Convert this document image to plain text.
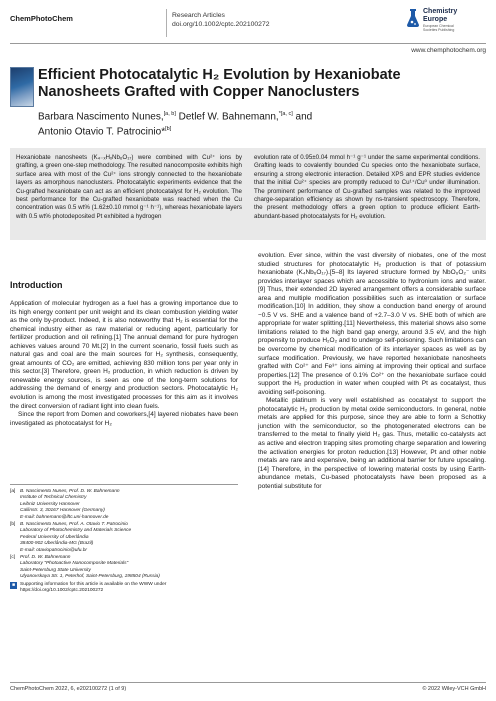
ChemPhotoChem	Research Articles
doi.org/10.1002/cptc.202100272
Chemistry
Europe
European Chemical
Societies Publishing
www.chemphotochem.org
Efficient Photocatalytic H₂ Evolution by Hexaniobate Nanosheets Grafted with Copper Nanoclusters
Barbara Nascimento Nunes,[a, b] Detlef W. Bahnemann,$^{*[a, c]}$ and
Antonio Otavio T. Patrocinio*[b]

Hexaniobate nanosheets (K₄₋ₓHₓNb₆O₁₇) were combined with Cu²⁺ ions by grafting, a green one-step methodology. The resulted nanocomposite exhibits high surface area with most of the Cu²⁺ ions strongly connected to the hexaniobate layers as amorphous nanoclusters. Photocatalytic experiments evidence that the Cu-grafted hexaniobate can act as an efficient photocatalyst for H₂ evolution. The best performance for the Cu-grafted hexaniobate was reached when the Cu concentration was 0.5 wt% (1.62±0.10 mmol g⁻¹ h⁻¹), whereas hexaniobate layers with 0.5 wt% photodeposited Pt exhibited a hydrogen

evolution rate of 0.95±0.04 mmol h⁻¹ g⁻¹ under the same experimental conditions. Grafting leads to covalently bounded Cu species onto the hexaniobate surface, ensuring a strong electronic interaction. Detailed XPS and EPR studies evidence that the initial Cu²⁺ species are promptly reduced to Cu¹⁺/Cu⁰ under illumination. The prominent performance of Cu-grafted samples was related to the improved charge-separation efficiency as shown by ns-transient spectroscopy. Therefore, the present methodology offers a green option to produce efficient Earth-abundant-based photocatalysts for H₂ evolution.

Introduction

Application of molecular hydrogen as a fuel has a growing importance due to its high energy content per unit weight and its clean combustion yielding water as the only by-product. Indeed, it is also noteworthy that H₂ is essential for the chemical industry either as raw material or reducing agent, particularly for fertilizer production and oil refining.[1] The annual demand for pure hydrogen achieves values around 70 Mt.[2] In the current scenario, fossil fuels such as natural gas and coal are the main sources for H₂ synthesis, consequently, great amounts of CO₂ are emitted, achieving 830 million tons per year only in this sector.[3] Therefore, green H₂ production, in which reduction is driven by renewable energy sources, is seen as one of the long-term solutions for addressing the demand of energy and production sectors. Photocatalytic H₂ evolution is among the most investigated processes for this aim as it involves the direct conversion of radiant light into clean fuels.

Since the report from Domen and coworkers,[4] layered niobates have been investigated as photocatalyst for H₂

evolution. Ever since, within the vast diversity of niobates, one of the most studied structures for photocatalytic H₂ production is that of potassium hexaniobate (K₄Nb₆O₁₇).[5–8] Its layered structure formed by NbO₆O₂⁻ units provides interlayer spaces which are accessible to hydronium ions and water.[9] Thus, their extended 2D layered arrangement offers a considerable surface area and multiple modification possibilities such as intercalation or surface modification.[10] In addition, they show a conduction band energy of around −0.5 V vs. SHE and a valence band of +2.7–3.0 V vs. SHE both of which are appropriate for water splitting.[11] Nevertheless, this material shows also some limitations related to the high band gap energy, around 3.5 eV, and the high propensity to produce H₂O₂ and to undergo self-poisoning. Such limitations can be overcome by chemical modification of its interlayer spaces as well as by surface modification. Previously, we have reported hexaniobate nanosheets grafted with Co²⁺ and Fe³⁺ ions aiming at improving their optical and surface properties.[12] The presence of 0.1% Co²⁺ on the hexaniobate surface could support the H₂ production in water when coupled with Pt as cocatalyst, thus avoiding self-poisoning.

Metallic platinum is very well established as cocatalyst to support the photocatalytic H₂ production by metal oxide semiconductors. In general, noble metals are applied for this purpose, since they are able to form a Schottky junction with the semiconductor, so the photogenerated electrons can be transferred to the metal to finally yield H₂ gas. Thus, metallic co-catalysts act as active and electron trapping sites promoting charge separation and lowering the activation energies for proton reduction.[13] However, Pt and other noble metals are rare and expensive, being an additional barrier for future upscaling.[14] Therefore, in the perspective of lowering material costs by using Earth-abundance metals, Cu-based photocatalysts have been proposed as a potential substitute for

[a] B. Nascimento Nunes, Prof. D. W. Bahnemann
Institute of Technical Chemistry
Leibniz University Hannover
Callinstr. 3, 30167 Hannover (Germany)
E-mail: bahnemann@iftc.uni-hannover.de
[b] B. Nascimento Nunes, Prof. A. Otavio T. Patrocinio
Laboratory of Photochemistry and Materials Science
Federal University of Uberlândia
38400-902 Uberlândia-MG (Brazil)
E-mail: otaviopatrocinio@ufu.br
[c]	Prof. D. W. Bahnemann
Laboratory "Photoactive Nanocomposite Materials"
Saint-Petersburg State University
Ulyanovskaya Str. 1, Peterhof, Saint-Petersburg, 198504 (Russia)
■	Supporting information for this article is available on the WWW under https://doi.org/10.1002/cptc.202100272
ChemPhotoChem 2022, 6, e202100272 (1 of 9)	© 2022 Wiley-VCH GmbH
